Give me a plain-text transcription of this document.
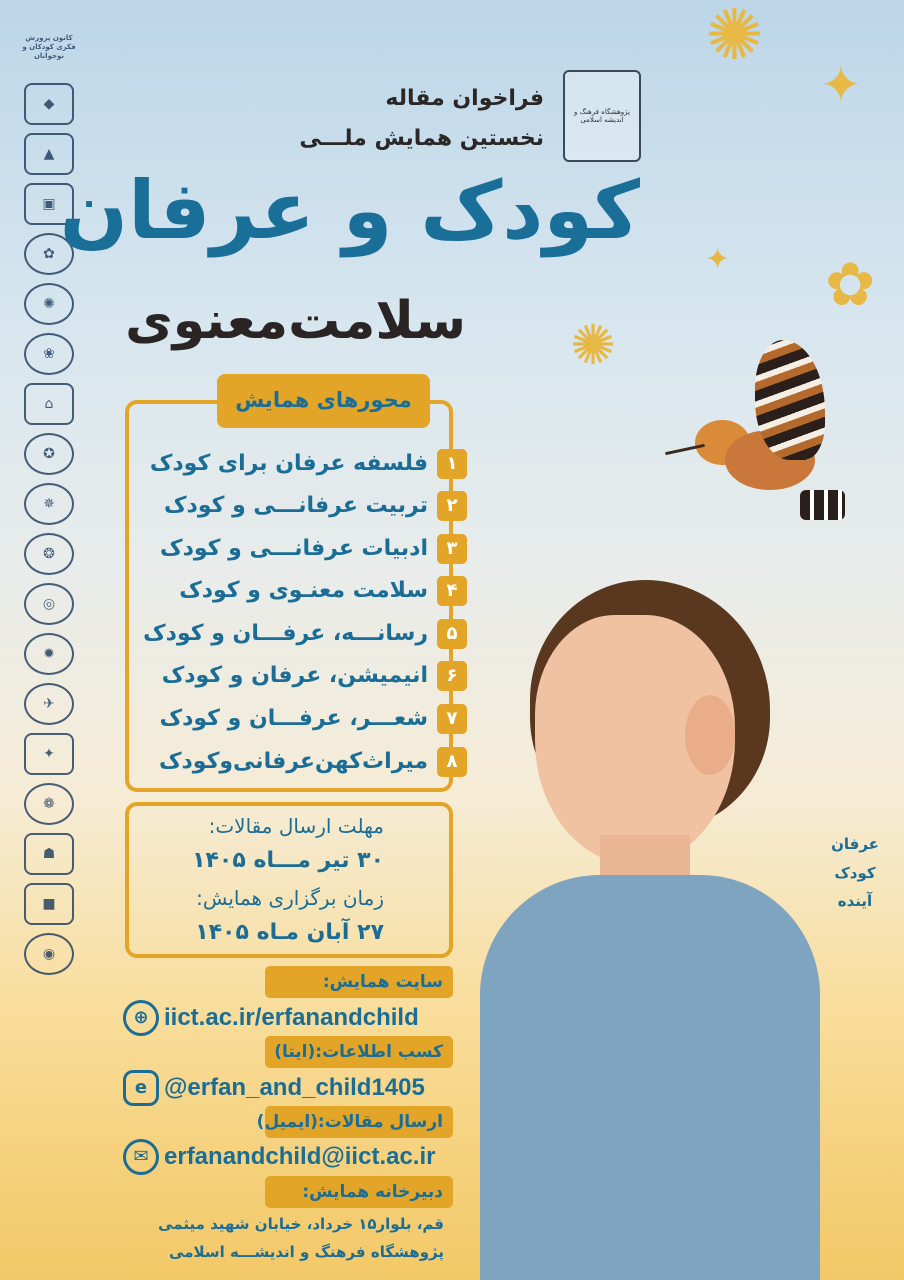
کانون پرورش فکری کودکان و نوجوانان
◆
▲
▣
✿
✺
❀
⌂
✪
✵
❂
◎
✹
✈
✦
❁
☗
■
◉
✺
✦
✦ ✿
✺
پژوهشگاه فرهنگ و اندیشه اسلامی
فراخوان مقاله
نخستین همایش ملـــی
کودک و عرفان
سلامت‌معنوی
عرفان
کودک
آینده
محورهای همایش
۱
فلسفه عرفان برای کودک
۲
تربیت عرفانـــی و کودک
۳
ادبیات عرفانـــی و کودک
۴
سلامت معنـوی و کودک
۵
رسانـــه، عرفـــان و کودک
۶
انیمیشن، عرفان و کودک
۷
شعـــر، عرفـــان و کودک
۸
میراث‌کهن‌عرفانی‌وکودک
مهلت ارسال مقالات:
۳۰ تیر مـــاه ۱۴۰۵
زمان برگزاری همایش:
۲۷ آبان مـاه ۱۴۰۵
سایت همایش:
⊕ iict.ac.ir/erfanandchild
کسب اطلاعات:(ایتا)
e @erfan_and_child1405
ارسال مقالات:(ایمیل)
✉ erfanandchild@iict.ac.ir
دبیرخانه همایش:
قم، بلوار۱۵ خرداد، خیابان شهید میثمی
پژوهشگاه فرهنگ و اندیشـــه اسلامی
